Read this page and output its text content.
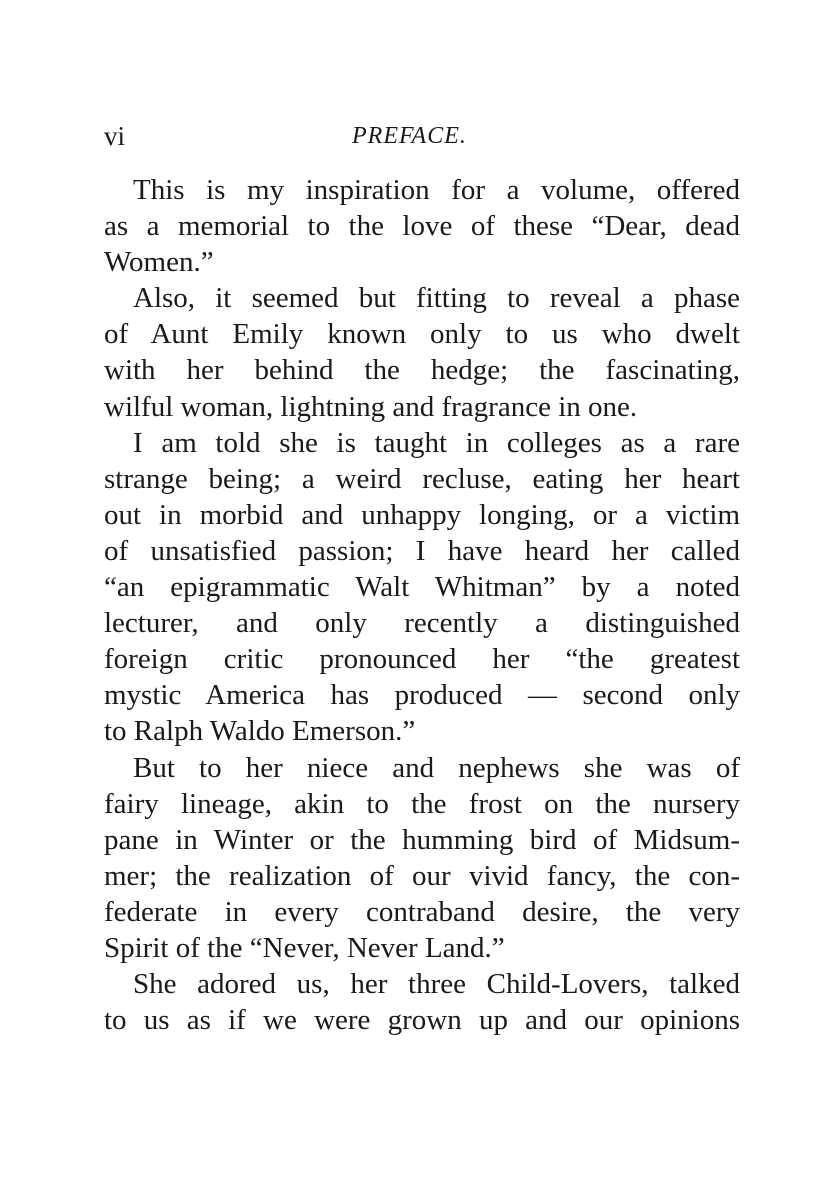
vi	PREFACE.
This is my inspiration for a volume, offered
as a memorial to the love of these “Dear, dead
Women.”
Also, it seemed but fitting to reveal a phase
of Aunt Emily known only to us who dwelt
with her behind the hedge; the fascinating,
wilful woman, lightning and fragrance in one.
I am told she is taught in colleges as a rare
strange being; a weird recluse, eating her heart
out in morbid and unhappy longing, or a victim
of unsatisfied passion; I have heard her called
“an epigrammatic Walt Whitman” by a noted
lecturer, and only recently a distinguished
foreign critic pronounced her “the greatest
mystic America has produced — second only
to Ralph Waldo Emerson.”
But to her niece and nephews she was of
fairy lineage, akin to the frost on the nursery
pane in Winter or the humming bird of Midsum-
mer; the realization of our vivid fancy, the con-
federate in every contraband desire, the very
Spirit of the “Never, Never Land.”
She adored us, her three Child-Lovers, talked
to us as if we were grown up and our opinions
